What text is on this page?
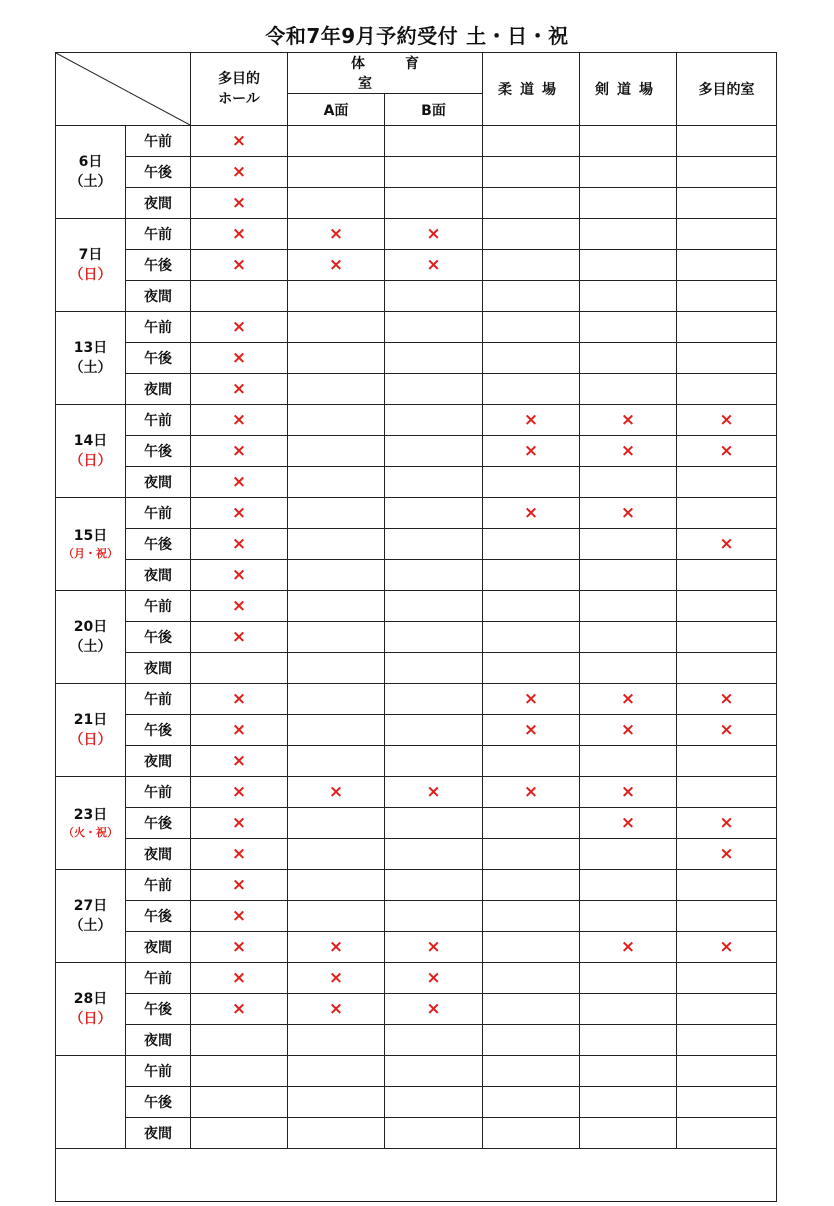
令和7年9月予約受付 土・日・祝
	多目的
ホール	体育室		柔道場	剣道場	多目的室
			A面	B面			

6日
（土）	午前	×					
	午後	×					
	夜間	×					

7日
（日）	午前	×	×	×			
	午後	×	×	×			
	夜間						

13日
（土）	午前	×					
	午後	×					
	夜間	×					

14日
（日）	午前	×			×	×	×
	午後	×			×	×	×
	夜間	×					

15日
（月・祝）	午前	×			×	×	
	午後	×					×
	夜間	×					

20日
（土）	午前	×					
	午後	×					
	夜間						

21日
（日）	午前	×			×	×	×
	午後	×			×	×	×
	夜間	×					

23日
（火・祝）	午前	×	×	×	×	×	
	午後	×				×	×
	夜間	×					×

27日
（土）	午前	×					
	午後	×					
	夜間	×	×	×		×	×

28日
（日）	午前	×	×	×			
	午後	×	×	×			
	夜間						

	午前						
	午後						
	夜間						
